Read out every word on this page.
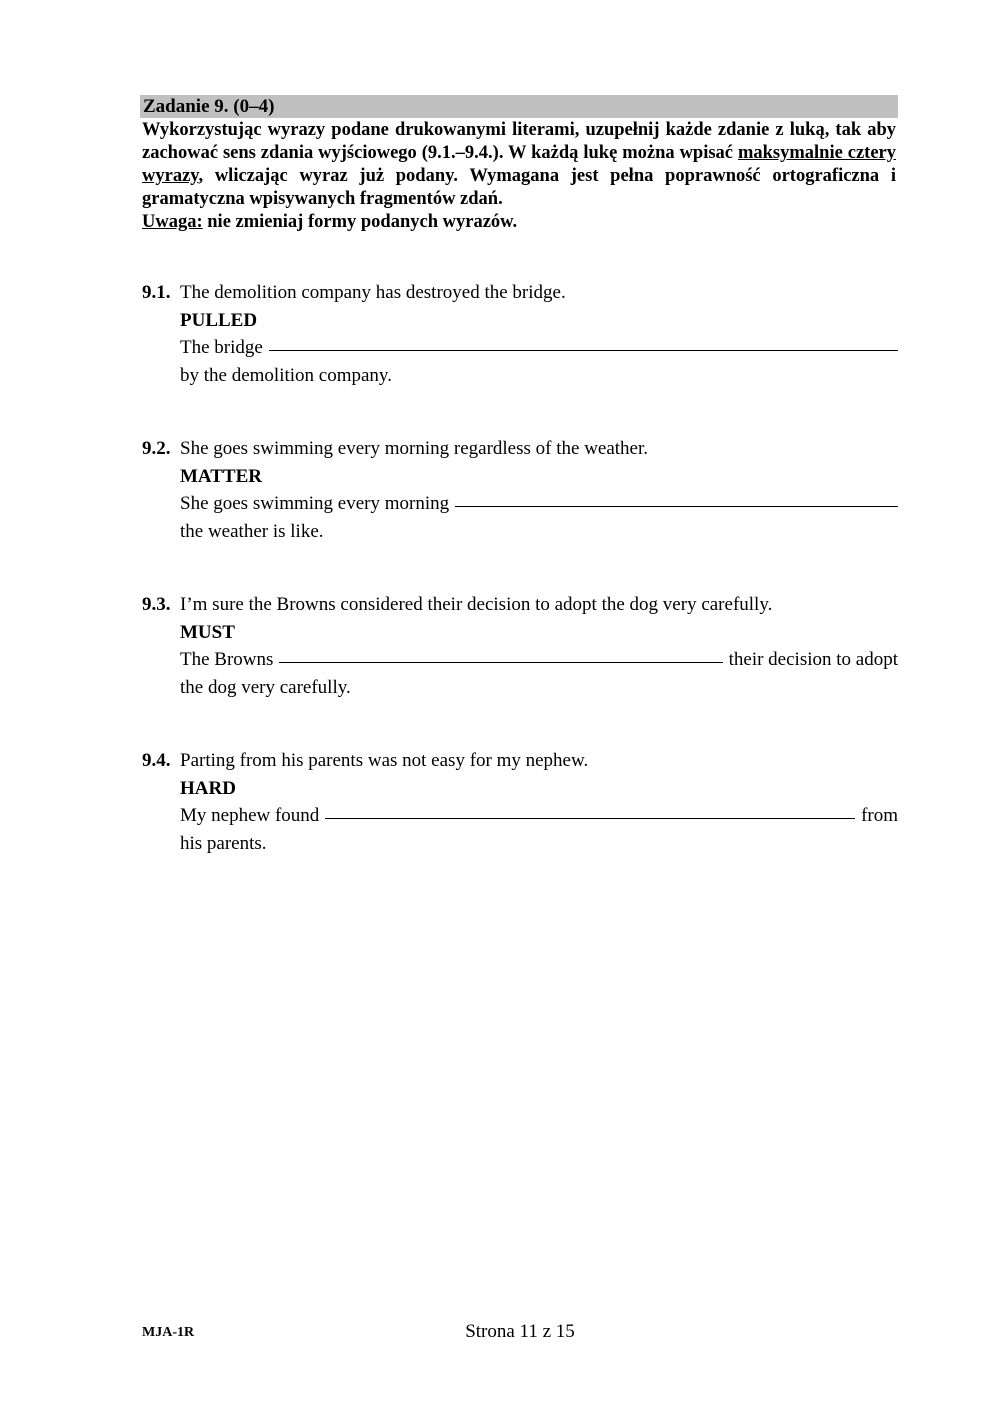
Zadanie 9. (0–4)
Wykorzystując wyrazy podane drukowanymi literami, uzupełnij każde zdanie z luką, tak aby zachować sens zdania wyjściowego (9.1.–9.4.). W każdą lukę można wpisać maksymalnie cztery wyrazy, wliczając wyraz już podany. Wymagana jest pełna poprawność ortograficzna i gramatyczna wpisywanych fragmentów zdań.
Uwaga: nie zmieniaj formy podanych wyrazów.
9.1. The demolition company has destroyed the bridge.
PULLED
The bridge
by the demolition company.
9.2. She goes swimming every morning regardless of the weather.
MATTER
She goes swimming every morning
the weather is like.
9.3. I’m sure the Browns considered their decision to adopt the dog very carefully.
MUST
The Browns	their decision to adopt
the dog very carefully.
9.4. Parting from his parents was not easy for my nephew.
HARD
My nephew found	from
his parents.
MJA-1R	Strona 11 z 15
